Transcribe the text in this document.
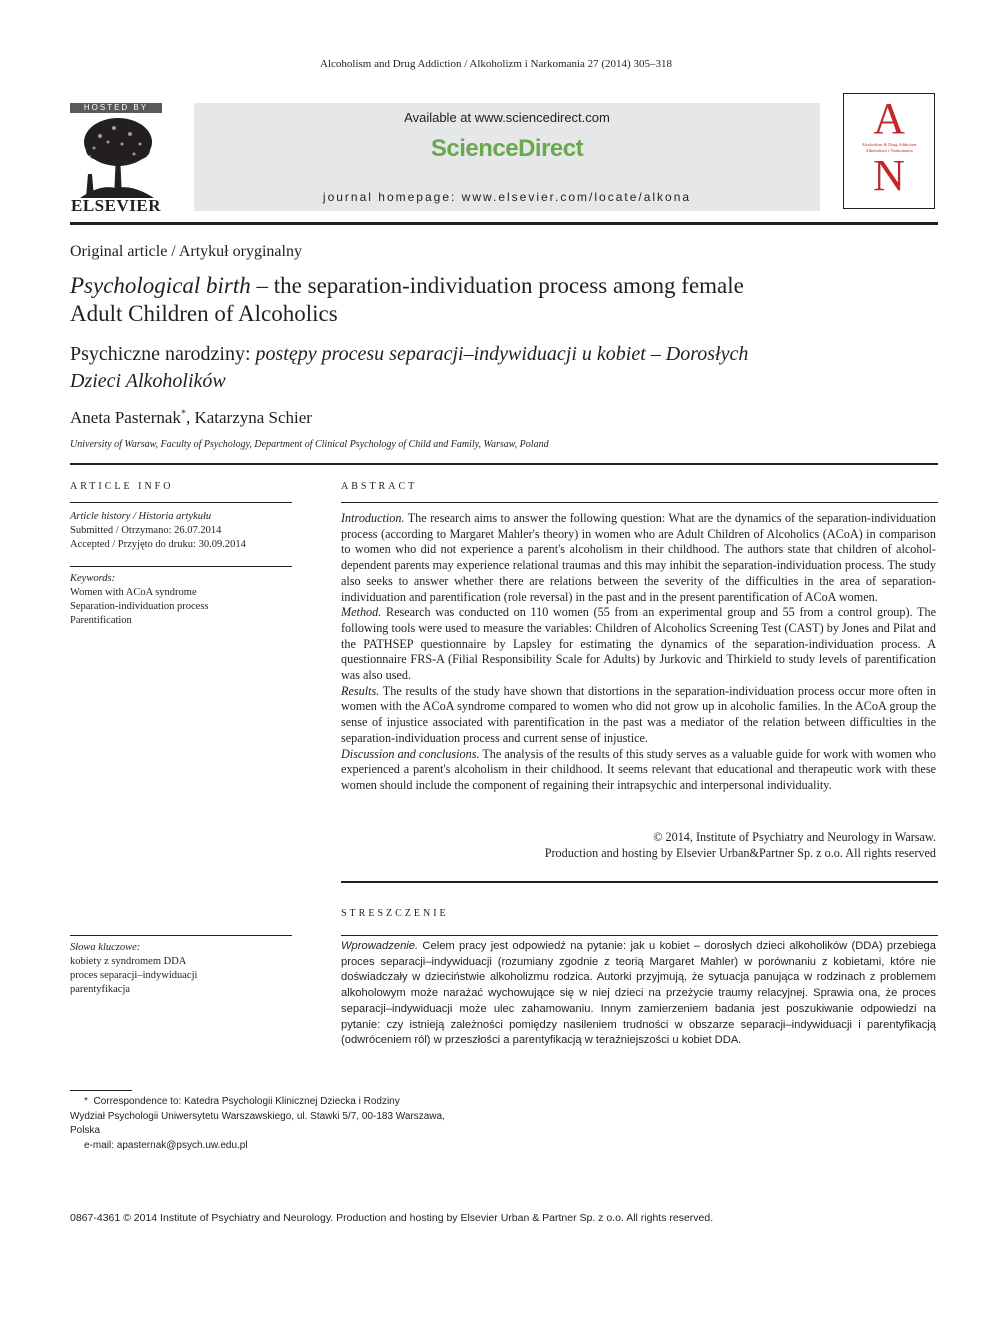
Alcoholism and Drug Addiction / Alkoholizm i Narkomania 27 (2014) 305–318
HOSTED BY
ELSEVIER
Available at www.sciencedirect.com
ScienceDirect
journal homepage: www.elsevier.com/locate/alkona
A
Alcoholism & Drug Addiction
Alkoholizm i Narkomania
N
Original article / Artykuł oryginalny
Psychological birth – the separation-individuation process among female Adult Children of Alcoholics
Psychiczne narodziny: postępy procesu separacji–indywiduacji u kobiet – Dorosłych Dzieci Alkoholików
Aneta Pasternak*, Katarzyna Schier
University of Warsaw, Faculty of Psychology, Department of Clinical Psychology of Child and Family, Warsaw, Poland
ARTICLE INFO
Article history / Historia artykułu
Submitted / Otrzymano: 26.07.2014
Accepted / Przyjęto do druku: 30.09.2014
Keywords:
Women with ACoA syndrome
Separation-individuation process
Parentification
ABSTRACT

Introduction. The research aims to answer the following question: What are the dynamics of the separation-individuation process (according to Margaret Mahler's theory) in women who are Adult Children of Alcoholics (ACoA) in comparison to women who did not experience a parent's alcoholism in their childhood. The authors state that children of alcohol-dependent parents may experience relational traumas and this may inhibit the separation-individuation process. The study also seeks to answer whether there are relations between the severity of the difficulties in the area of separation-individuation and parentification (role reversal) in the past and in the present parentification of ACoA women.

Method. Research was conducted on 110 women (55 from an experimental group and 55 from a control group). The following tools were used to measure the variables: Children of Alcoholics Screening Test (CAST) by Jones and Pilat and the PATHSEP questionnaire by Lapsley for estimating the dynamics of the separation-individuation process. A questionnaire FRS-A (Filial Responsibility Scale for Adults) by Jurkovic and Thirkield to study levels of parentification was also used.

Results. The results of the study have shown that distortions in the separation-individuation process occur more often in women with the ACoA syndrome compared to women who did not grow up in alcoholic families. In the ACoA group the sense of injustice associated with parentification in the past was a mediator of the relation between difficulties in the separation-individuation process and current sense of injustice.

Discussion and conclusions. The analysis of the results of this study serves as a valuable guide for work with women who experienced a parent's alcoholism in their childhood. It seems relevant that educational and therapeutic work with these women should include the component of regaining their intrapsychic and interpersonal individuality.

© 2014, Institute of Psychiatry and Neurology in Warsaw.
Production and hosting by Elsevier Urban&Partner Sp. z o.o. All rights reserved
STRESZCZENIE
Słowa kluczowe:
kobiety z syndromem DDA
proces separacji–indywiduacji
parentyfikacja

Wprowadzenie. Celem pracy jest odpowiedź na pytanie: jak u kobiet – dorosłych dzieci alkoholików (DDA) przebiega proces separacji–indywiduacji (rozumiany zgodnie z teorią Margaret Mahler) w porównaniu z kobietami, które nie doświadczały w dzieciństwie alkoholizmu rodzica. Autorki przyjmują, że sytuacja panująca w rodzinach z problemem alkoholowym może narażać wychowujące się w niej dzieci na przeżycie traumy relacyjnej. Sprawia ona, że proces separacji–indywiduacji może ulec zahamowaniu. Innym zamierzeniem badania jest poszukiwanie odpowiedzi na pytanie: czy istnieją zależności pomiędzy nasileniem trudności w obszarze separacji–indywiduacji i parentyfikacją (odwróceniem ról) w przeszłości a parentyfikacją w teraźniejszości u kobiet DDA.

* Correspondence to: Katedra Psychologii Klinicznej Dziecka i Rodziny
Wydział Psychologii Uniwersytetu Warszawskiego, ul. Stawki 5/7, 00-183 Warszawa,
Polska
e-mail: apasternak@psych.uw.edu.pl
0867-4361 © 2014 Institute of Psychiatry and Neurology. Production and hosting by Elsevier Urban & Partner Sp. z o.o. All rights reserved.
